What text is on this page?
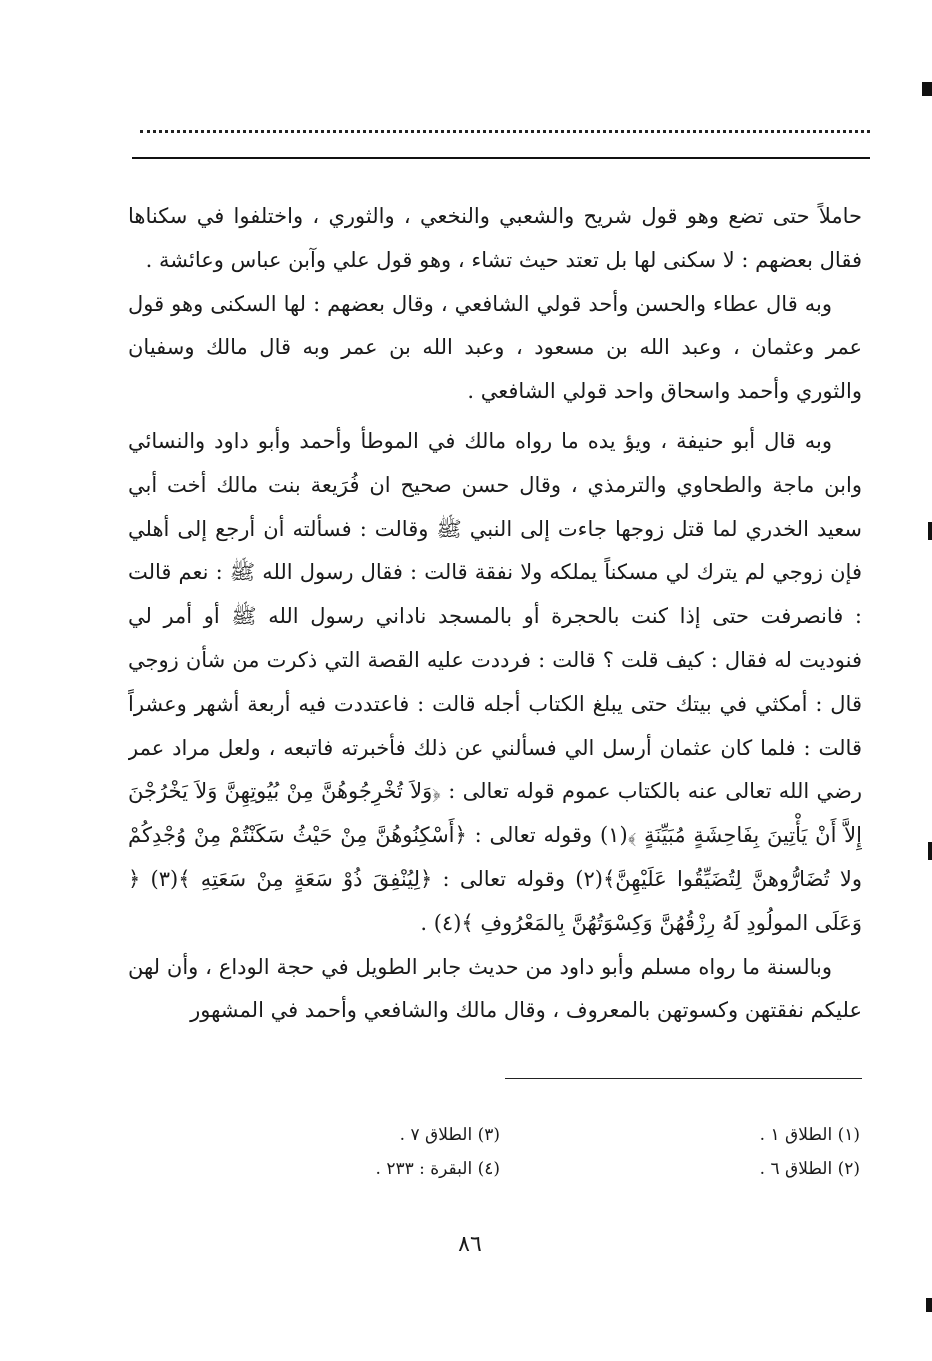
حاملاً حتى تضع وهو قول شريح والشعبي والنخعي ، والثوري ، واختلفوا في سكناها فقال بعضهم : لا سكنى لها بل تعتد حيث تشاء ، وهو قول علي وآبن عباس وعائشة .

وبه قال عطاء والحسن وأحد قولي الشافعي ، وقال بعضهم : لها السكنى وهو قول عمر وعثمان ، وعبد الله بن مسعود ، وعبد الله بن عمر وبه قال مالك وسفيان والثوري وأحمد واسحاق واحد قولي الشافعي .

وبه قال أبو حنيفة ، ويؤ يده ما رواه مالك في الموطأ وأحمد وأبو داود والنسائي وابن ماجة والطحاوي والترمذي ، وقال حسن صحيح ان فُرَيعة بنت مالك أخت أبي سعيد الخدري لما قتل زوجها جاءت إلى النبي ﷺ وقالت : فسألته أن أرجع إلى أهلي فإن زوجي لم يترك لي مسكناً يملكه ولا نفقة قالت : فقال رسول الله ﷺ : نعم قالت : فانصرفت حتى إذا كنت بالحجرة أو بالمسجد ناداني رسول الله ﷺ أو أمر لي فنوديت له فقال : كيف قلت ؟ قالت : فرددت عليه القصة التي ذكرت من شأن زوجي قال : أمكثي في بيتك حتى يبلغ الكتاب أجله قالت : فاعتددت فيه أربعة أشهر وعشراً قالت : فلما كان عثمان أرسل الي فسألني عن ذلك فأخبرته فاتبعه ، ولعل مراد عمر رضي الله تعالى عنه بالكتاب عموم قوله تعالى : ﴿وَلاَ تُخْرِجُوهُنَّ مِنْ بُيُوتِهِنَّ وَلاَ يَخْرُجْنَ إِلاَّ أَنْ يَأْتِينَ بِفَاحِشَةٍ مُبَيِّنَةٍ ﴾(١) وقوله تعالى : ﴿أَسْكِنُوهُنَّ مِنْ حَيْثُ سَكَنْتُمْ مِنْ وُجْدِكُمْ ولا تُضَارُّوهنَّ لِتُضَيِّقُوا عَلَيْهِنَّ﴾(٢) وقوله تعالى : ﴿لِيُنْفِقَ ذُوْ سَعَةٍ مِنْ سَعَتِهِ ﴾(٣) ﴿ وَعَلَى المولُودِ لَهُ رِزْقُهُنَّ وَكِسْوَتُهُنَّ بِالمَعْرُوفِ ﴾(٤) .

وبالسنة ما رواه مسلم وأبو داود من حديث جابر الطويل في حجة الوداع ، وأن لهن عليكم نفقتهن وكسوتهن بالمعروف ، وقال مالك والشافعي وأحمد في المشهور

(١) الطلاق ١ .
(٢) الطلاق ٦ .
(٣) الطلاق ٧ .
(٤) البقرة : ٢٣٣ .
٨٦
